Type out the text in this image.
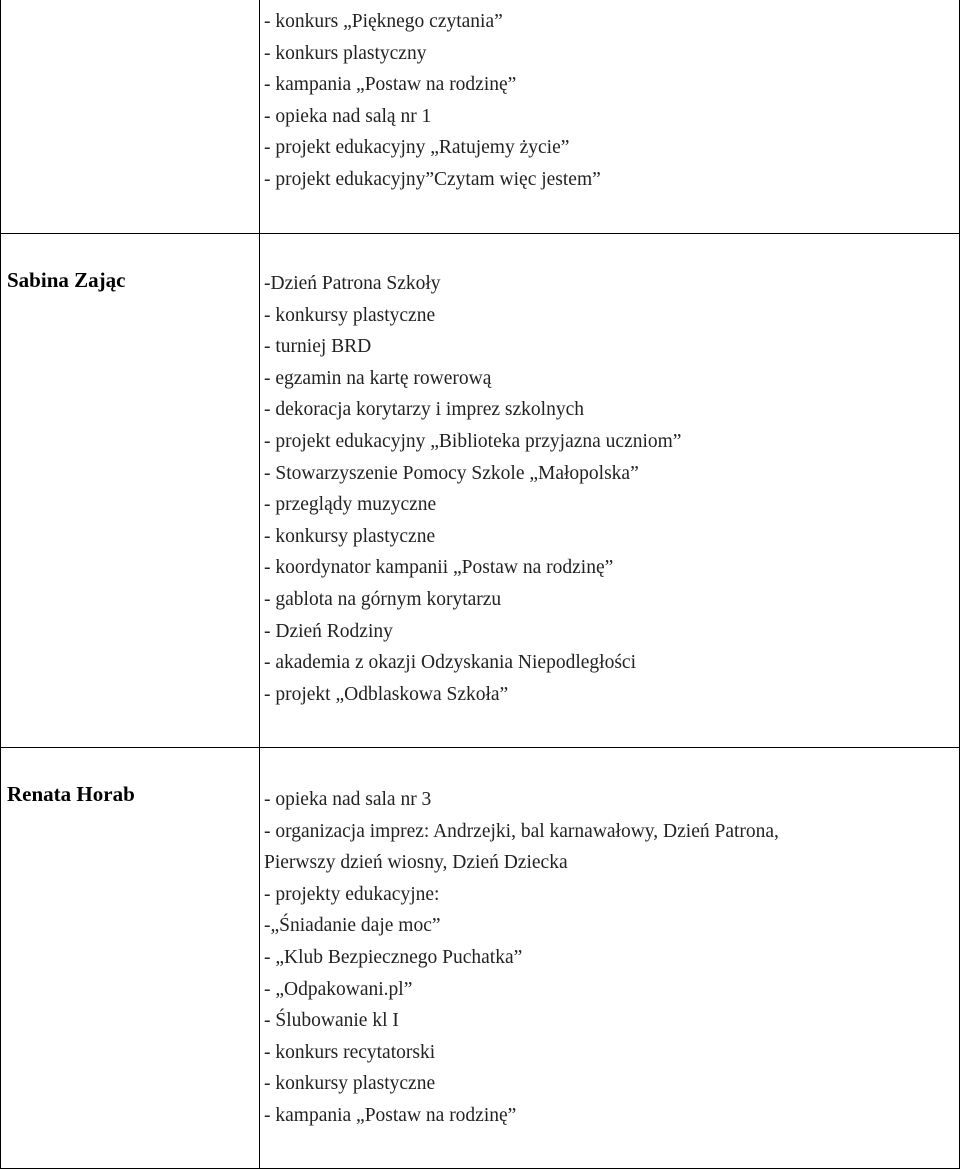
- konkurs „Pięknego czytania”
- konkurs plastyczny
- kampania „Postaw na rodzinę”
- opieka nad salą nr 1
- projekt edukacyjny „Ratujemy życie”
- projekt edukacyjny”Czytam więc jestem”
Sabina Zając	-Dzień Patrona Szkoły
- konkursy plastyczne
- turniej BRD
- egzamin na kartę rowerową
- dekoracja korytarzy i imprez szkolnych
- projekt edukacyjny „Biblioteka przyjazna uczniom”
- Stowarzyszenie Pomocy Szkole „Małopolska”
- przeglądy muzyczne
- konkursy plastyczne
- koordynator kampanii „Postaw na rodzinę”
- gablota na górnym korytarzu
- Dzień Rodziny
- akademia z okazji Odzyskania Niepodległości
- projekt „Odblaskowa Szkoła”
Renata Horab	- opieka nad sala nr 3
- organizacja imprez: Andrzejki, bal karnawałowy, Dzień Patrona,
Pierwszy dzień wiosny, Dzień Dziecka
- projekty edukacyjne:
-„Śniadanie daje moc”
- „Klub Bezpiecznego Puchatka”
- „Odpakowani.pl”
- Ślubowanie kl I
- konkurs recytatorski
- konkursy plastyczne
- kampania „Postaw na rodzinę”
